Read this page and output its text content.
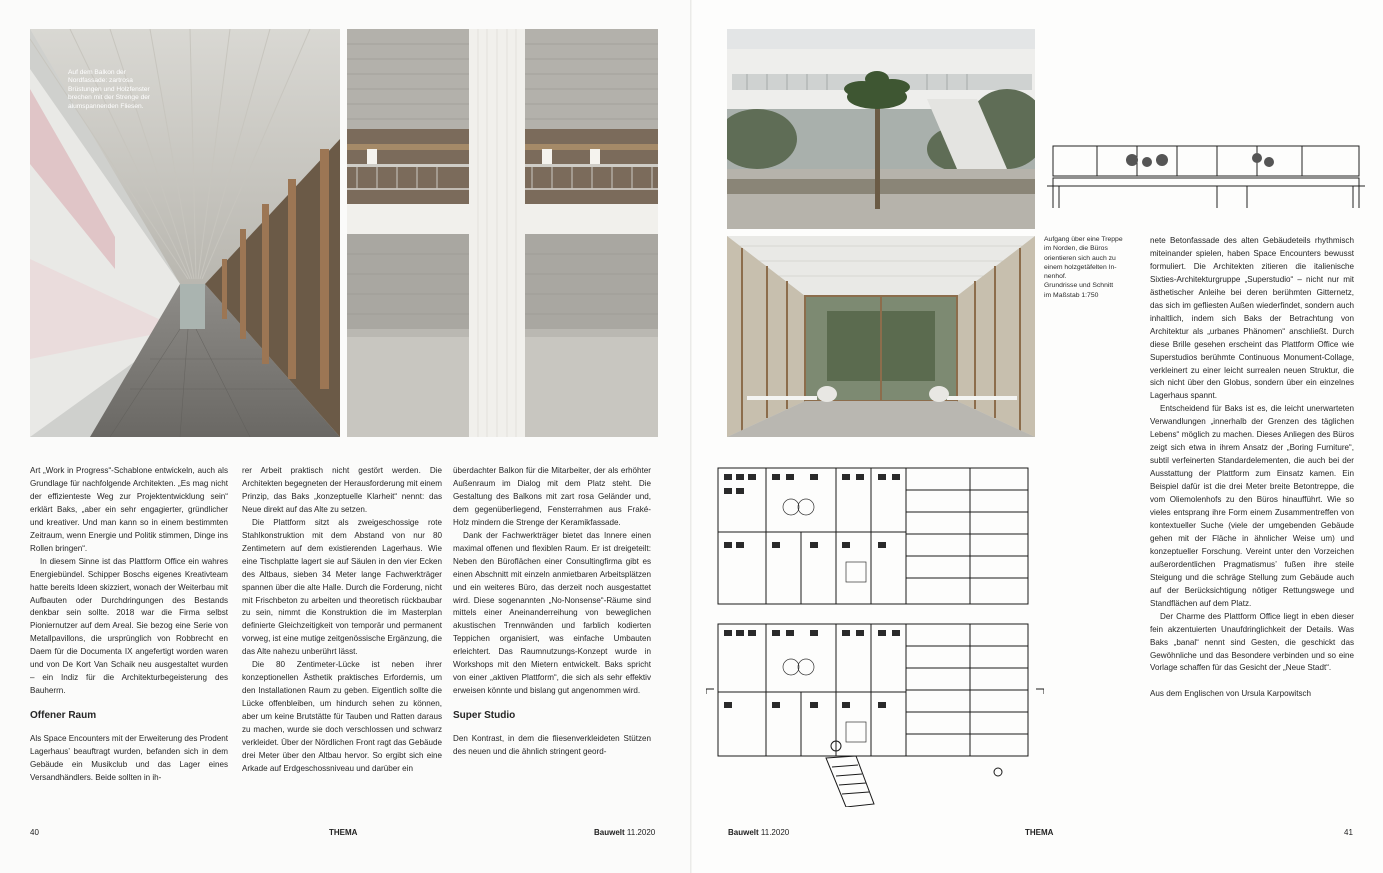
Auf dem Balkon der Nordfassade: zartrosa Brüstungen und Holzfenster brechen mit der Strenge der alumspannenden Fliesen.

Art „Work in Progress“-Schablone entwickeln, auch als Grundlage für nachfolgende Architekten. „Es mag nicht der effizienteste Weg zur Projektentwicklung sein“ erklärt Baks, „aber ein sehr engagierter, gründlicher und kreativer. Und man kann so in einem bestimmten Zeitraum, wenn Energie und Politik stimmen, Dinge ins Rollen bringen“.

In diesem Sinne ist das Plattform Office ein wahres Energiebündel. Schipper Boschs eigenes Kreativteam hatte bereits Ideen skizziert, wonach der Weiterbau mit Aufbauten oder Durchdringungen des Bestands denkbar sein sollte. 2018 war die Firma selbst Pioniernutzer auf dem Areal. Sie bezog eine Serie von Metallpavillons, die ursprünglich von Robbrecht en Daem für die Documenta IX angefertigt worden waren und von De Kort Van Schaik neu ausgestaltet wurden – ein Indiz für die Architekturbegeisterung des Bauherrn.

Offener Raum

Als Space Encounters mit der Erweiterung des Prodent Lagerhaus’ beauftragt wurden, befanden sich in dem Gebäude ein Musikclub und das Lager eines Versandhändlers. Beide sollten in ih-

rer Arbeit praktisch nicht gestört werden. Die Architekten begegneten der Herausforderung mit einem Prinzip, das Baks „konzeptuelle Klarheit“ nennt: das Neue direkt auf das Alte zu setzen.

Die Plattform sitzt als zweigeschossige rote Stahlkonstruktion mit dem Abstand von nur 80 Zentimetern auf dem existierenden Lagerhaus. Wie eine Tischplatte lagert sie auf Säulen in den vier Ecken des Altbaus, sieben 34 Meter lange Fachwerkträger spannen über die alte Halle. Durch die Forderung, nicht mit Frischbeton zu arbeiten und theoretisch rückbaubar zu sein, nimmt die Konstruktion die im Masterplan definierte Gleichzeitigkeit von temporär und permanent vorweg, ist eine mutige zeitgenössische Ergänzung, die das Alte nahezu unberührt lässt.

Die 80 Zentimeter-Lücke ist neben ihrer konzeptionellen Ästhetik praktisches Erfordernis, um den Installationen Raum zu geben. Eigentlich sollte die Lücke offenbleiben, um hindurch sehen zu können, aber um keine Brutstätte für Tauben und Ratten daraus zu machen, wurde sie doch verschlossen und schwarz verkleidet. Über der Nördlichen Front ragt das Gebäude drei Meter über den Altbau hervor. So ergibt sich eine Arkade auf Erdgeschossniveau und darüber ein

überdachter Balkon für die Mitarbeiter, der als erhöhter Außenraum im Dialog mit dem Platz steht. Die Gestaltung des Balkons mit zart rosa Geländer und, dem gegenüberliegend, Fensterrahmen aus Fraké-Holz mindern die Strenge der Keramikfassade.

Dank der Fachwerkträger bietet das Innere einen maximal offenen und flexiblen Raum. Er ist dreigeteilt: Neben den Büroflächen einer Consultingfirma gibt es einen Abschnitt mit einzeln anmietbaren Arbeitsplätzen und ein weiteres Büro, das derzeit noch ausgestattet wird. Diese sogenannten „No-Nonsense“-Räume sind mittels einer Aneinanderreihung von beweglichen akustischen Trennwänden und farblich kodierten Teppichen organisiert, was einfache Umbauten erleichtert. Das Raumnutzungs-Konzept wurde in Workshops mit den Mietern entwickelt. Baks spricht von einer „aktiven Plattform“, die sich als sehr effektiv erweisen könnte und bislang gut angenommen wird.

Super Studio

Den Kontrast, in dem die fliesenverkleideten Stützen des neuen und die ähnlich stringent geord-

40	THEMA	Bauwelt 11.2020
Aufgang über eine Treppe
im Norden, die Büros
orientieren sich auch zu
einem holzgetäfelten In-
nenhof.
Grundrisse und Schnitt
im Maßstab 1:750

nete Betonfassade des alten Gebäudeteils rhythmisch miteinander spielen, haben Space Encounters bewusst formuliert. Die Architekten zitieren die italienische Sixties-Architekturgruppe „Superstudio“ – nicht nur mit ästhetischer Anleihe bei deren berühmten Gitternetz, das sich im gefliesten Außen wiederfindet, sondern auch inhaltlich, indem sich Baks der Betrachtung von Architektur als „urbanes Phänomen“ anschließt. Durch diese Brille gesehen erscheint das Plattform Office wie Superstudios berühmte Continuous Monument-Collage, verkleinert zu einer leicht surrealen neuen Struktur, die sich nicht über den Globus, sondern über ein einzelnes Lagerhaus spannt.

Entscheidend für Baks ist es, die leicht unerwarteten Verwandlungen „innerhalb der Grenzen des täglichen Lebens“ möglich zu machen. Dieses Anliegen des Büros zeigt sich etwa in ihrem Ansatz der „Boring Furniture“, subtil verfeinerten Standardelementen, die auch bei der Ausstattung der Plattform zum Einsatz kamen. Ein Beispiel dafür ist die drei Meter breite Betontreppe, die vom Oliemolenhofs zu den Büros hinaufführt. Wie so vieles entsprang ihre Form einem Zusammentreffen von kontextueller Suche (viele der umgebenden Gebäude gehen mit der Fläche in ähnlicher Weise um) und konzeptueller Forschung. Vereint unter den Vorzeichen außerordentlichen Pragmatismus’ fußen ihre steile Steigung und die schräge Stellung zum Gebäude auch auf der Berücksichtigung nötiger Rettungswege und Standflächen auf dem Platz.

Der Charme des Plattform Office liegt in eben dieser fein akzentuierten Unaufdringlichkeit der Details. Was Baks „banal“ nennt sind Gesten, die geschickt das Gewöhnliche und das Besondere verbinden und so eine Vorlage schaffen für das Gesicht der „Neue Stadt“.

Aus dem Englischen von Ursula Karpowitsch

Bauwelt 11.2020	THEMA	41
